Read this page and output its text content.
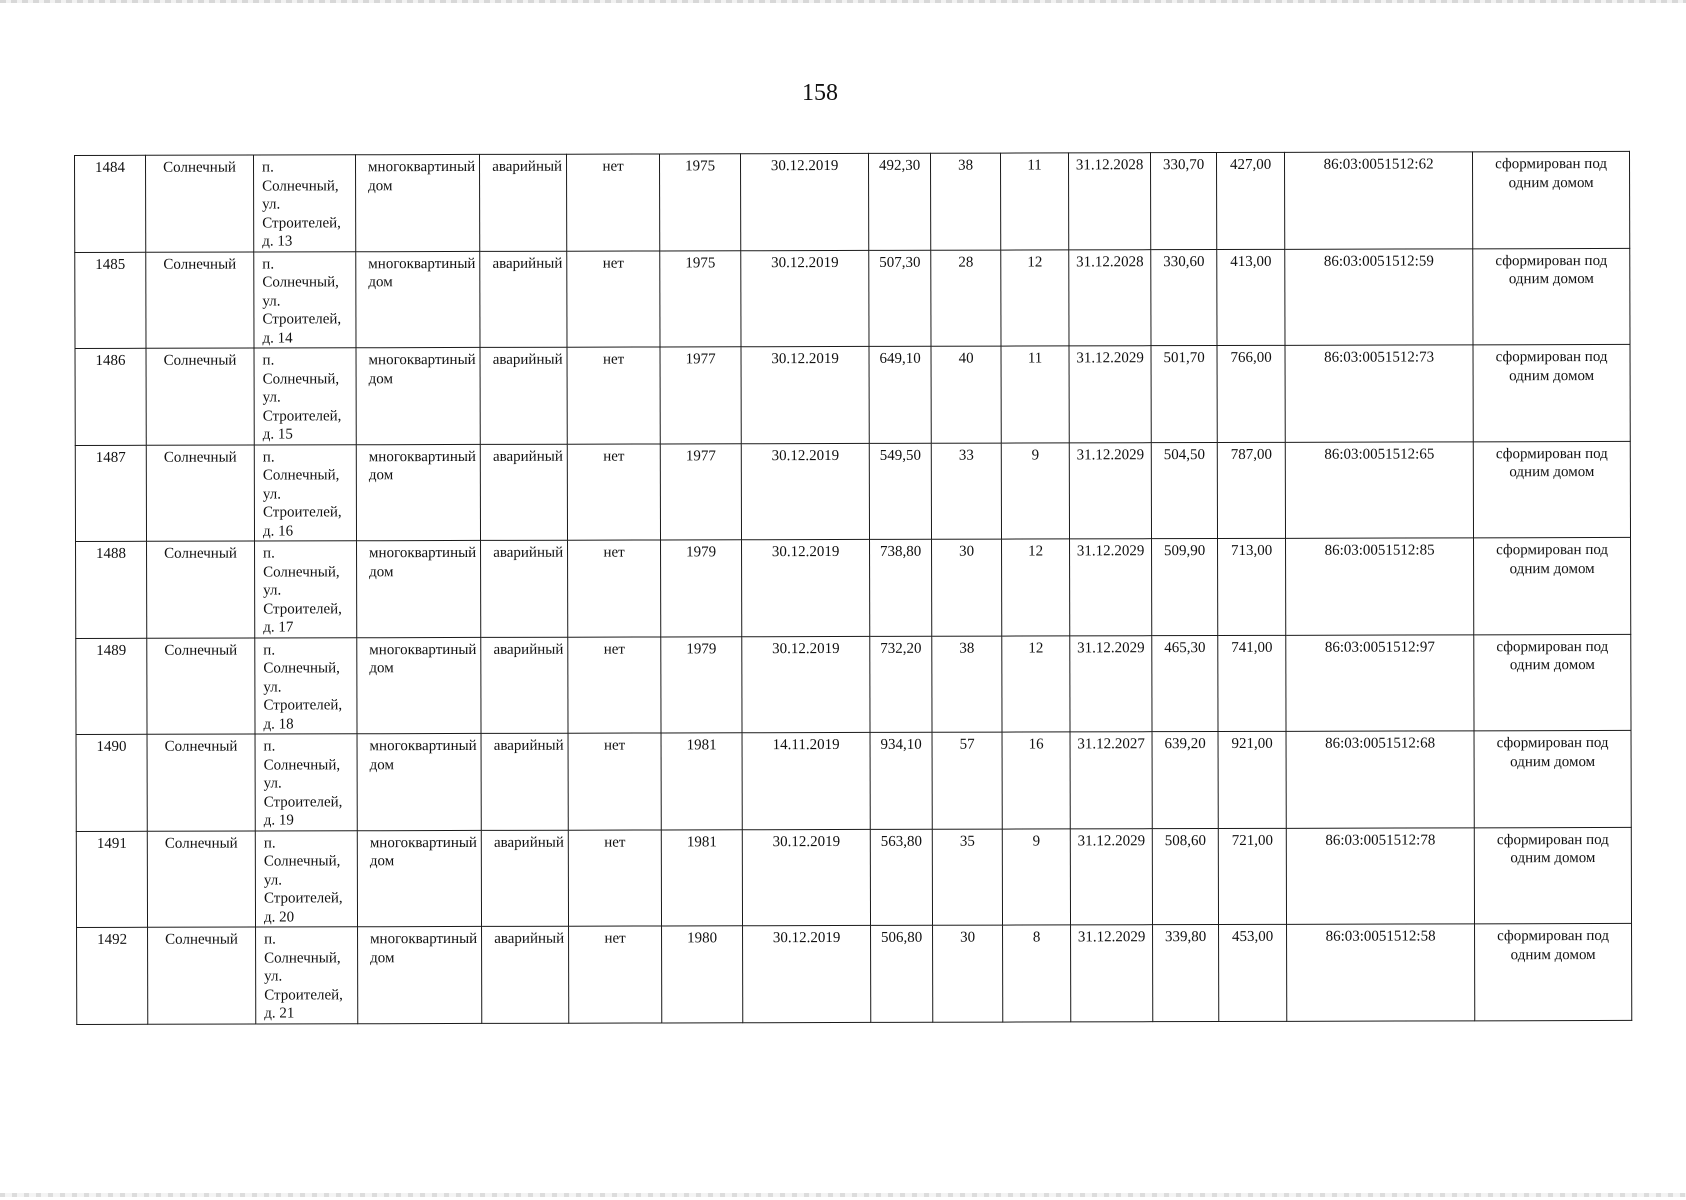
158
1484	Солнечный	п. Солнечный, ул. Строителей, д. 13	многоквартиный дом	аварийный	нет	1975	30.12.2019	492,30	38	11	31.12.2028	330,70	427,00	86:03:0051512:62	сформирован под одним домом
1485	Солнечный	п. Солнечный, ул. Строителей, д. 14	многоквартиный дом	аварийный	нет	1975	30.12.2019	507,30	28	12	31.12.2028	330,60	413,00	86:03:0051512:59	сформирован под одним домом
1486	Солнечный	п. Солнечный, ул. Строителей, д. 15	многоквартиный дом	аварийный	нет	1977	30.12.2019	649,10	40	11	31.12.2029	501,70	766,00	86:03:0051512:73	сформирован под одним домом
1487	Солнечный	п. Солнечный, ул. Строителей, д. 16	многоквартиный дом	аварийный	нет	1977	30.12.2019	549,50	33	9	31.12.2029	504,50	787,00	86:03:0051512:65	сформирован под одним домом
1488	Солнечный	п. Солнечный, ул. Строителей, д. 17	многоквартиный дом	аварийный	нет	1979	30.12.2019	738,80	30	12	31.12.2029	509,90	713,00	86:03:0051512:85	сформирован под одним домом
1489	Солнечный	п. Солнечный, ул. Строителей, д. 18	многоквартиный дом	аварийный	нет	1979	30.12.2019	732,20	38	12	31.12.2029	465,30	741,00	86:03:0051512:97	сформирован под одним домом
1490	Солнечный	п. Солнечный, ул. Строителей, д. 19	многоквартиный дом	аварийный	нет	1981	14.11.2019	934,10	57	16	31.12.2027	639,20	921,00	86:03:0051512:68	сформирован под одним домом
1491	Солнечный	п. Солнечный, ул. Строителей, д. 20	многоквартиный дом	аварийный	нет	1981	30.12.2019	563,80	35	9	31.12.2029	508,60	721,00	86:03:0051512:78	сформирован под одним домом
1492	Солнечный	п. Солнечный, ул. Строителей, д. 21	многоквартиный дом	аварийный	нет	1980	30.12.2019	506,80	30	8	31.12.2029	339,80	453,00	86:03:0051512:58	сформирован под одним домом
